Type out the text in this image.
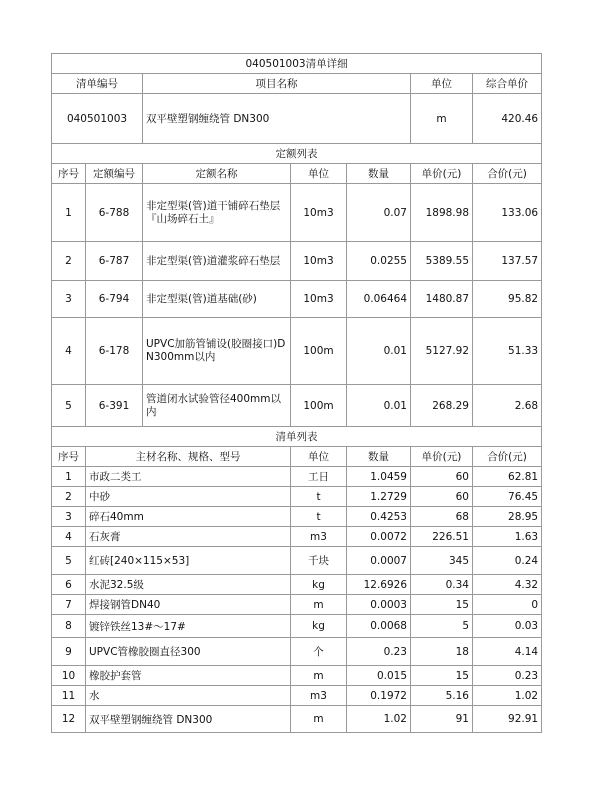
040501003清单详细						
清单编号		项目名称			单位	综合单价
040501003		双平壁塑钢缠绕管 DN300			m	420.46
定额列表						
序号	定额编号	定额名称	单位	数量	单价(元)	合价(元)
1	6-788	非定型渠(管)道干铺碎石垫层『山场碎石土』	10m3	0.07	1898.98	133.06
2	6-787	非定型渠(管)道灌浆碎石垫层	10m3	0.0255	5389.55	137.57
3	6-794	非定型渠(管)道基础(砂)	10m3	0.06464	1480.87	95.82
4	6-178	UPVC加筋管铺设(胶圈接口)DN300mm以内	100m	0.01	5127.92	51.33
5	6-391	管道闭水试验管径400mm以内	100m	0.01	268.29	2.68
清单列表						
序号	主材名称、规格、型号		单位	数量	单价(元)	合价(元)
1	市政二类工		工日	1.0459	60	62.81
2	中砂		t	1.2729	60	76.45
3	碎石40mm		t	0.4253	68	28.95
4	石灰膏		m3	0.0072	226.51	1.63
5	红砖[240×115×53]		千块	0.0007	345	0.24
6	水泥32.5级		kg	12.6926	0.34	4.32
7	焊接钢管DN40		m	0.0003	15	0
8	镀锌铁丝13#～17#		kg	0.0068	5	0.03
9	UPVC管橡胶圈直径300		个	0.23	18	4.14
10	橡胶护套管		m	0.015	15	0.23
11	水		m3	0.1972	5.16	1.02
12	双平壁塑钢缠绕管 DN300		m	1.02	91	92.91
